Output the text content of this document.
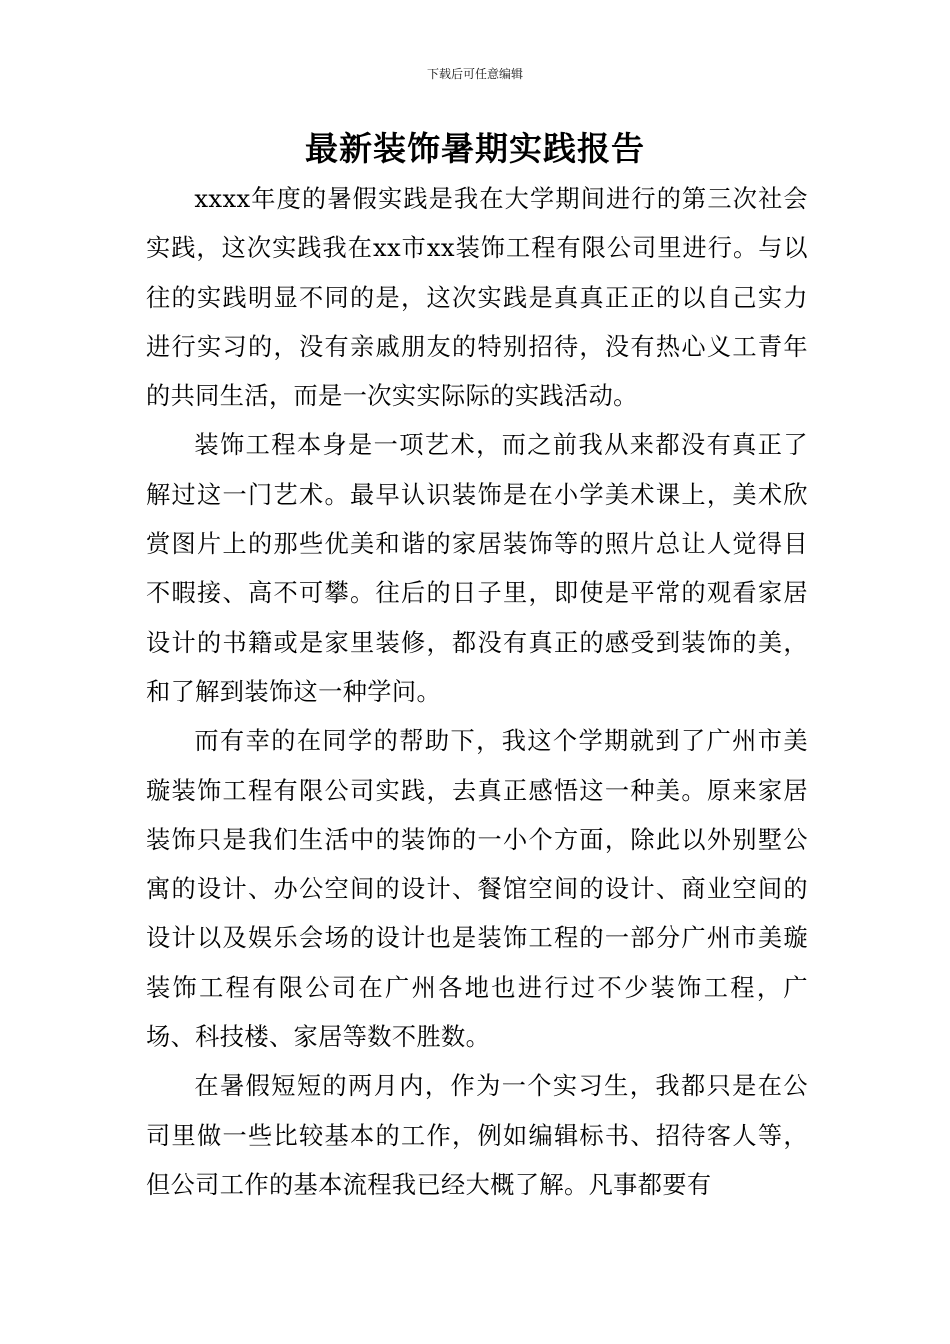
下载后可任意编辑
最新装饰暑期实践报告

xxxx年度的暑假实践是我在大学期间进行的第三次社会实践，这次实践我在xx市xx装饰工程有限公司里进行。与以往的实践明显不同的是，这次实践是真真正正的以自己实力进行实习的，没有亲戚朋友的特别招待，没有热心义工青年的共同生活，而是一次实实际际的实践活动。

装饰工程本身是一项艺术，而之前我从来都没有真正了解过这一门艺术。最早认识装饰是在小学美术课上，美术欣赏图片上的那些优美和谐的家居装饰等的照片总让人觉得目不暇接、高不可攀。往后的日子里，即使是平常的观看家居设计的书籍或是家里装修，都没有真正的感受到装饰的美，和了解到装饰这一种学问。

而有幸的在同学的帮助下，我这个学期就到了广州市美璇装饰工程有限公司实践，去真正感悟这一种美。原来家居装饰只是我们生活中的装饰的一小个方面，除此以外别墅公寓的设计、办公空间的设计、餐馆空间的设计、商业空间的设计以及娱乐会场的设计也是装饰工程的一部分广州市美璇装饰工程有限公司在广州各地也进行过不少装饰工程，广场、科技楼、家居等数不胜数。

在暑假短短的两月内，作为一个实习生，我都只是在公司里做一些比较基本的工作，例如编辑标书、招待客人等，但公司工作的基本流程我已经大概了解。凡事都要有
